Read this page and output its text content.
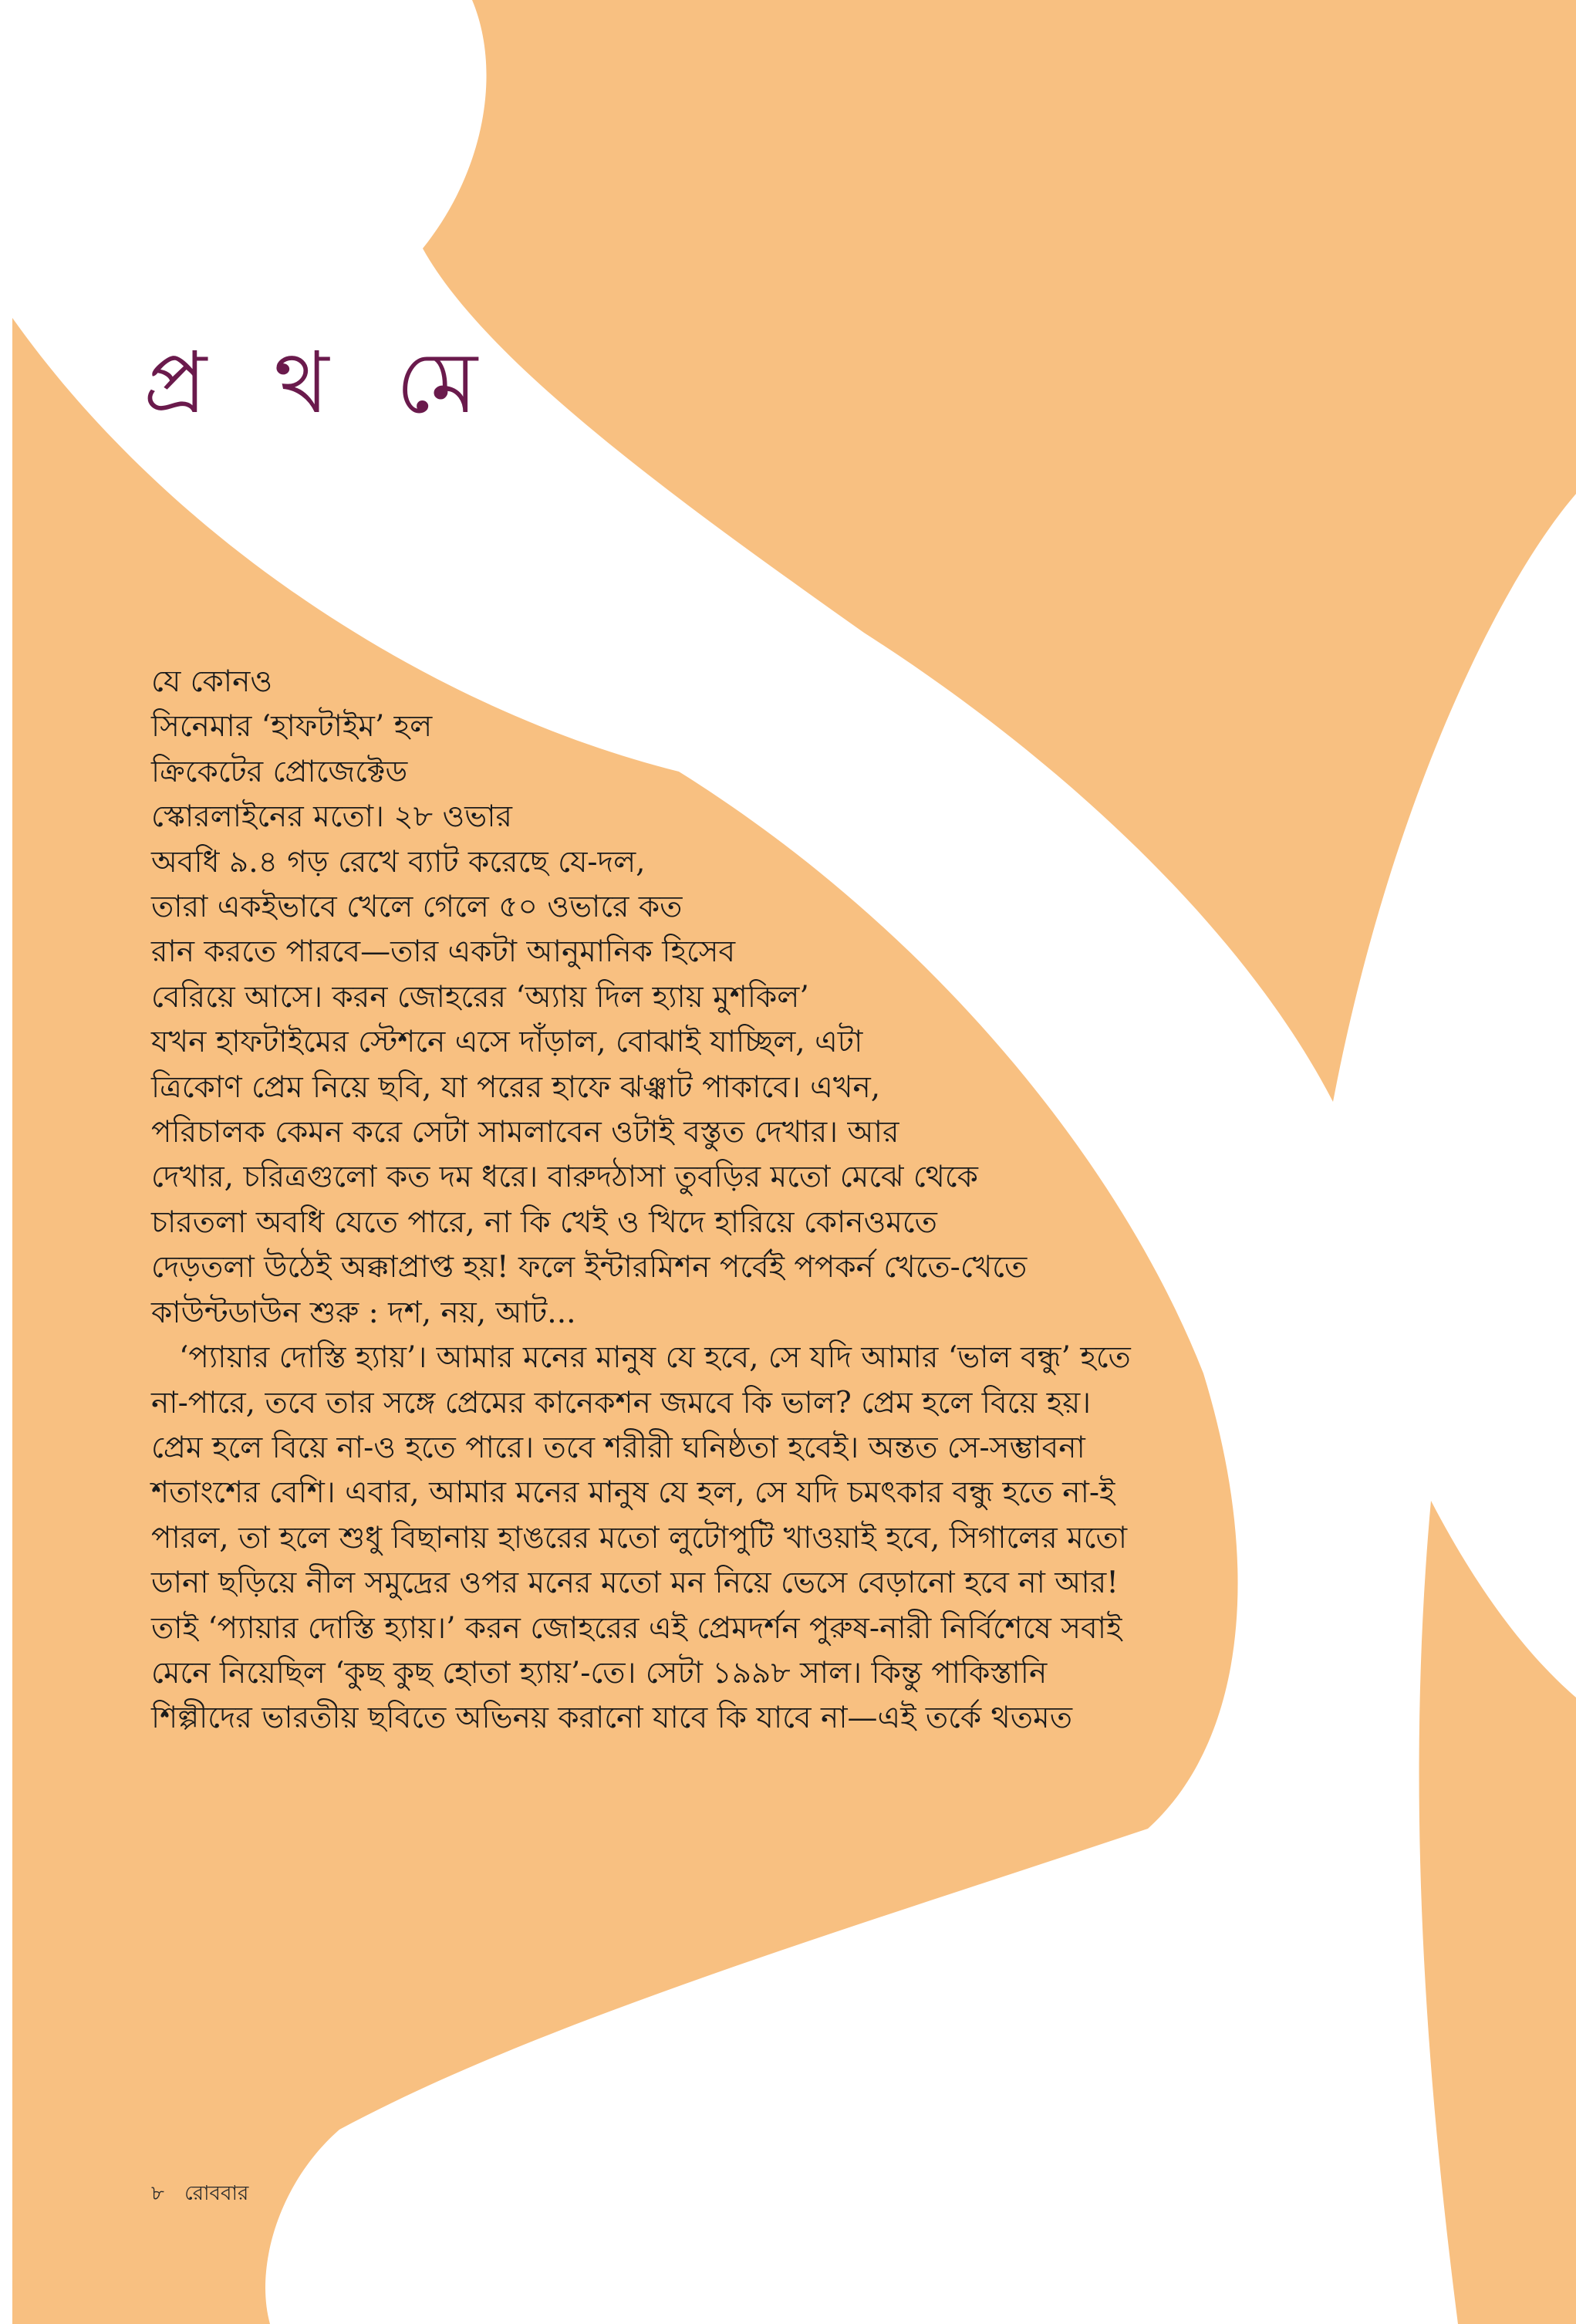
প্র থ মে
যে কোনও
সিনেমার ‘হাফটাইম’ হল
ক্রিকেটের প্রোজেক্টেড
স্কোরলাইনের মতো। ২৮ ওভার
অবধি ৯.৪ গড় রেখে ব্যাট করেছে যে-দল,
তারা একইভাবে খেলে গেলে ৫০ ওভারে কত
রান করতে পারবে—তার একটা আনুমানিক হিসেব
বেরিয়ে আসে। করন জোহরের ‘অ্যায় দিল হ্যায় মুশকিল’
যখন হাফটাইমের স্টেশনে এসে দাঁড়াল, বোঝাই যাচ্ছিল, এটা
ত্রিকোণ প্রেম নিয়ে ছবি, যা পরের হাফে ঝঞ্ঝাট পাকাবে। এখন,
পরিচালক কেমন করে সেটা সামলাবেন ওটাই বস্তুত দেখার। আর
দেখার, চরিত্রগুলো কত দম ধরে। বারুদঠাসা তুবড়ির মতো মেঝে থেকে
চারতলা অবধি যেতে পারে, না কি খেই ও খিদে হারিয়ে কোনওমতে
দেড়তলা উঠেই অক্কাপ্রাপ্ত হয়! ফলে ইন্টারমিশন পর্বেই পপকর্ন খেতে-খেতে
কাউন্টডাউন শুরু : দশ, নয়, আট...
‘প্যায়ার দোস্তি হ্যায়’। আমার মনের মানুষ যে হবে, সে যদি আমার ‘ভাল বন্ধু’ হতে
না-পারে, তবে তার সঙ্গে প্রেমের কানেকশন জমবে কি ভাল? প্রেম হলে বিয়ে হয়।
প্রেম হলে বিয়ে না-ও হতে পারে। তবে শরীরী ঘনিষ্ঠতা হবেই। অন্তত সে-সম্ভাবনা
শতাংশের বেশি। এবার, আমার মনের মানুষ যে হল, সে যদি চমৎকার বন্ধু হতে না-ই
পারল, তা হলে শুধু বিছানায় হাঙরের মতো লুটোপুটি খাওয়াই হবে, সিগালের মতো
ডানা ছড়িয়ে নীল সমুদ্রের ওপর মনের মতো মন নিয়ে ভেসে বেড়ানো হবে না আর!
তাই ‘প্যায়ার দোস্তি হ্যায়।’ করন জোহরের এই প্রেমদর্শন পুরুষ-নারী নির্বিশেষে সবাই
মেনে নিয়েছিল ‘কুছ কুছ হোতা হ্যায়’-তে। সেটা ১৯৯৮ সাল। কিন্তু পাকিস্তানি
শিল্পীদের ভারতীয় ছবিতে অভিনয় করানো যাবে কি যাবে না—এই তর্কে থতমত
৮ রোববার
